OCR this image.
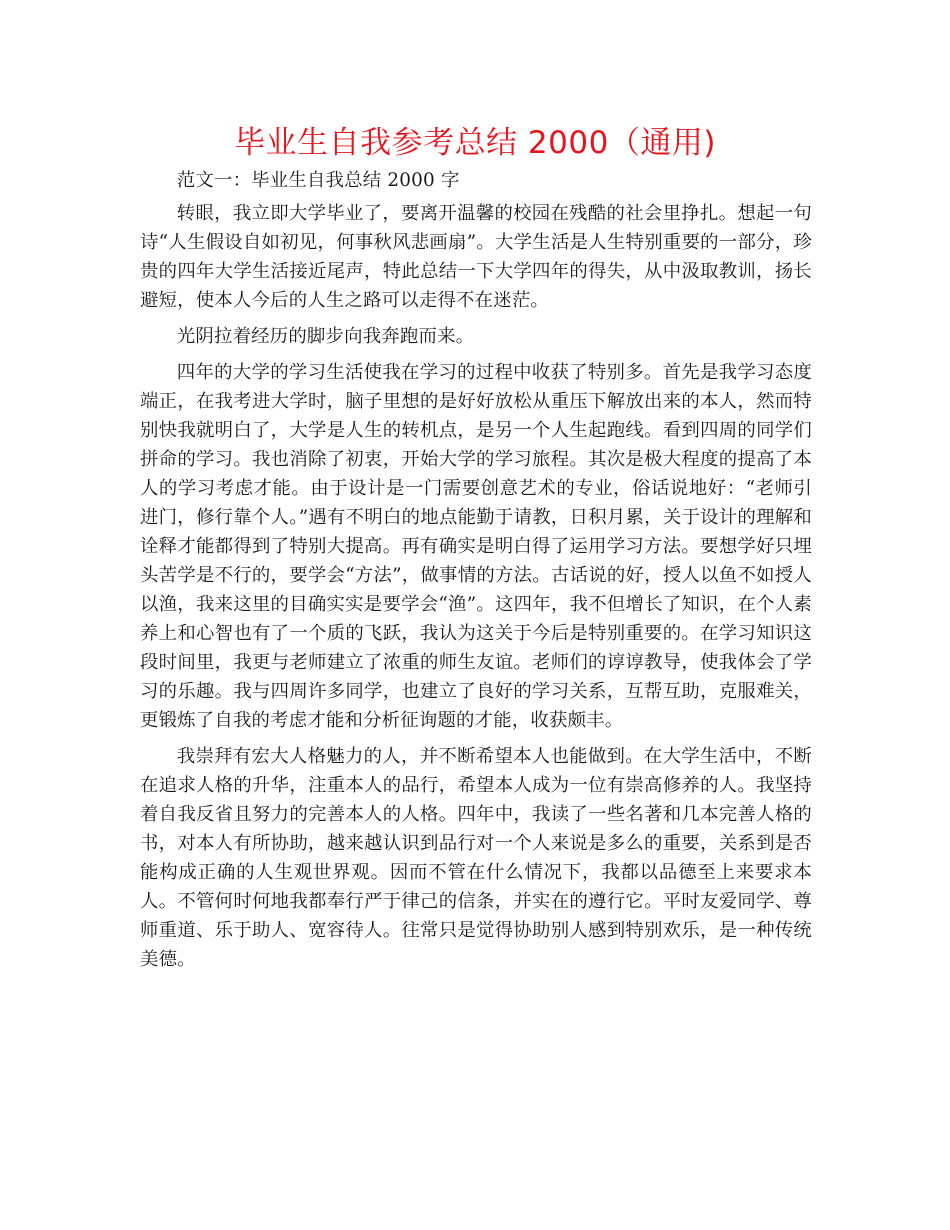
毕业生自我参考总结 2000（通用)

范文一：毕业生自我总结 2000 字

转眼，我立即大学毕业了，要离开温馨的校园在残酷的社会里挣扎。想起一句诗“人生假设自如初见，何事秋风悲画扇”。大学生活是人生特别重要的一部分，珍贵的四年大学生活接近尾声，特此总结一下大学四年的得失，从中汲取教训，扬长避短，使本人今后的人生之路可以走得不在迷茫。

光阴拉着经历的脚步向我奔跑而来。

四年的大学的学习生活使我在学习的过程中收获了特别多。首先是我学习态度端正，在我考进大学时，脑子里想的是好好放松从重压下解放出来的本人，然而特别快我就明白了，大学是人生的转机点，是另一个人生起跑线。看到四周的同学们拼命的学习。我也消除了初衷，开始大学的学习旅程。其次是极大程度的提高了本人的学习考虑才能。由于设计是一门需要创意艺术的专业，俗话说地好：“老师引进门，修行靠个人。”遇有不明白的地点能勤于请教，日积月累，关于设计的理解和诠释才能都得到了特别大提高。再有确实是明白得了运用学习方法。要想学好只埋头苦学是不行的，要学会“方法”，做事情的方法。古话说的好，授人以鱼不如授人以渔，我来这里的目确实实是要学会“渔”。这四年，我不但增长了知识，在个人素养上和心智也有了一个质的飞跃，我认为这关于今后是特别重要的。在学习知识这段时间里，我更与老师建立了浓重的师生友谊。老师们的谆谆教导，使我体会了学习的乐趣。我与四周许多同学，也建立了良好的学习关系，互帮互助，克服难关，更锻炼了自我的考虑才能和分析征询题的才能，收获颇丰。

我崇拜有宏大人格魅力的人，并不断希望本人也能做到。在大学生活中，不断在追求人格的升华，注重本人的品行，希望本人成为一位有崇高修养的人。我坚持着自我反省且努力的完善本人的人格。四年中，我读了一些名著和几本完善人格的书，对本人有所协助，越来越认识到品行对一个人来说是多么的重要，关系到是否能构成正确的人生观世界观。因而不管在什么情况下，我都以品德至上来要求本人。不管何时何地我都奉行严于律己的信条，并实在的遵行它。平时友爱同学、尊师重道、乐于助人、宽容待人。往常只是觉得协助别人感到特别欢乐，是一种传统美德。
